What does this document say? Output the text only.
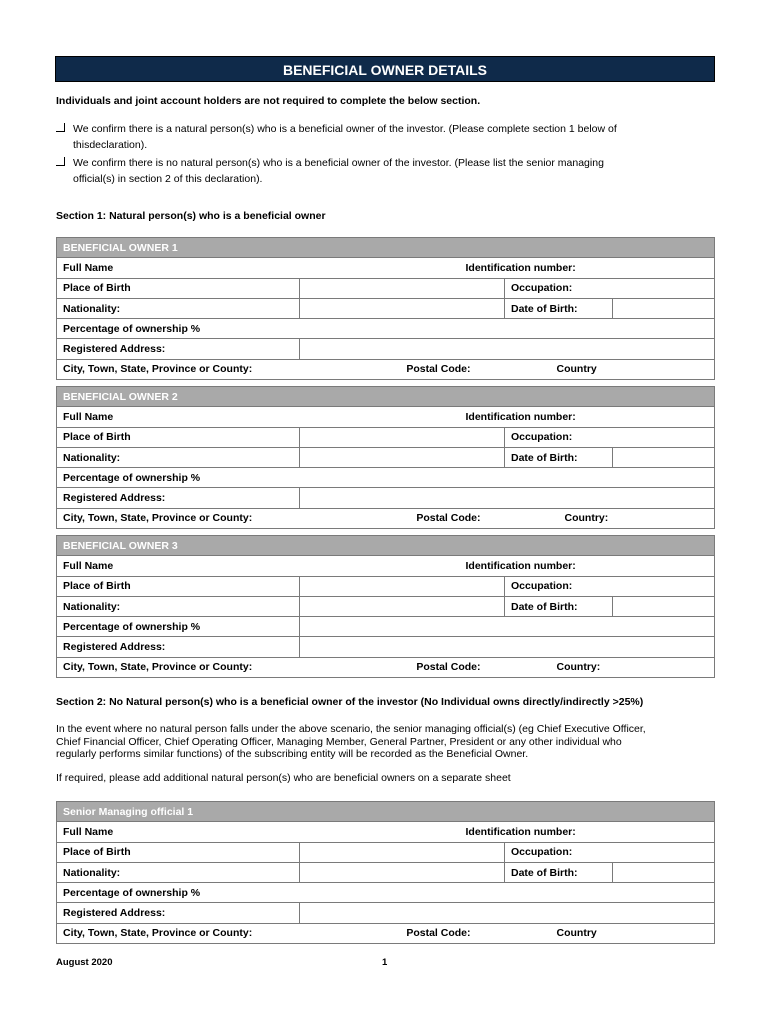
BENEFICIAL OWNER DETAILS
Individuals and joint account holders are not required to complete the below section.
We confirm there is a natural person(s) who is a beneficial owner of the investor. (Please complete section 1 below of
thisdeclaration).
We confirm there is no natural person(s) who is a beneficial owner of the investor. (Please list the senior managing
official(s) in section 2 of this declaration).
Section 1: Natural person(s) who is a beneficial owner
BENEFICIAL OWNER 1				
Full Name		Identification number:		
Place of Birth			Occupation:	
Nationality:			Date of Birth:	
Percentage of ownership %				
Registered Address:				
City, Town, State, Province or County:	Postal Code:		Country	
BENEFICIAL OWNER 2				
Full Name		Identification number:		
Place of Birth			Occupation:	
Nationality:			Date of Birth:	
Percentage of ownership %				
Registered Address:				
City, Town, State, Province or County:	Postal Code:		Country:	
BENEFICIAL OWNER 3				
Full Name		Identification number:		
Place of Birth			Occupation:	
Nationality:			Date of Birth:	
Percentage of ownership %				
Registered Address:				
City, Town, State, Province or County:	Postal Code:		Country:	
Section 2: No Natural person(s) who is a beneficial owner of the investor (No Individual owns directly/indirectly >25%)
In the event where no natural person falls under the above scenario, the senior managing official(s) (eg Chief Executive Officer,
Chief Financial Officer, Chief Operating Officer, Managing Member, General Partner, President or any other individual who
regularly performs similar functions) of the subscribing entity will be recorded as the Beneficial Owner.
If required, please add additional natural person(s) who are beneficial owners on a separate sheet
Senior Managing official 1				
Full Name		Identification number:		
Place of Birth			Occupation:	
Nationality:			Date of Birth:	
Percentage of ownership %				
Registered Address:				
City, Town, State, Province or County:	Postal Code:		Country	
August 2020	1
